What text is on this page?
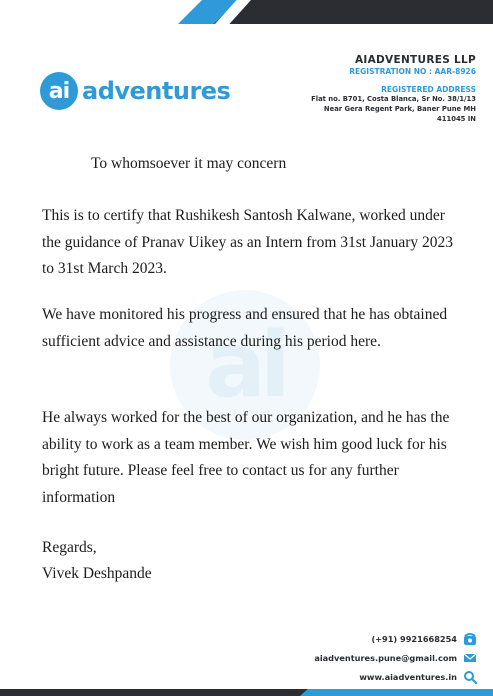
ai adventures
AIADVENTURES LLP
REGISTRATION NO : AAR-8926
REGISTERED ADDRESS
Flat no. B701, Costa Blanca, Sr No. 38/1/13
Near Gera Regent Park, Baner Pune MH
411045 IN
ai
To whomsoever it may concern
This is to certify that Rushikesh Santosh Kalwane, worked under the guidance of Pranav Uikey as an Intern from 31st January 2023 to 31st March 2023.
We have monitored his progress and ensured that he has obtained sufficient advice and assistance during his period here.
He always worked for the best of our organization, and he has the ability to work as a team member. We wish him good luck for his bright future. Please feel free to contact us for any further information
Regards,
Vivek Deshpande
(+91) 9921668254
aiadventures.pune@gmail.com
www.aiadventures.in
